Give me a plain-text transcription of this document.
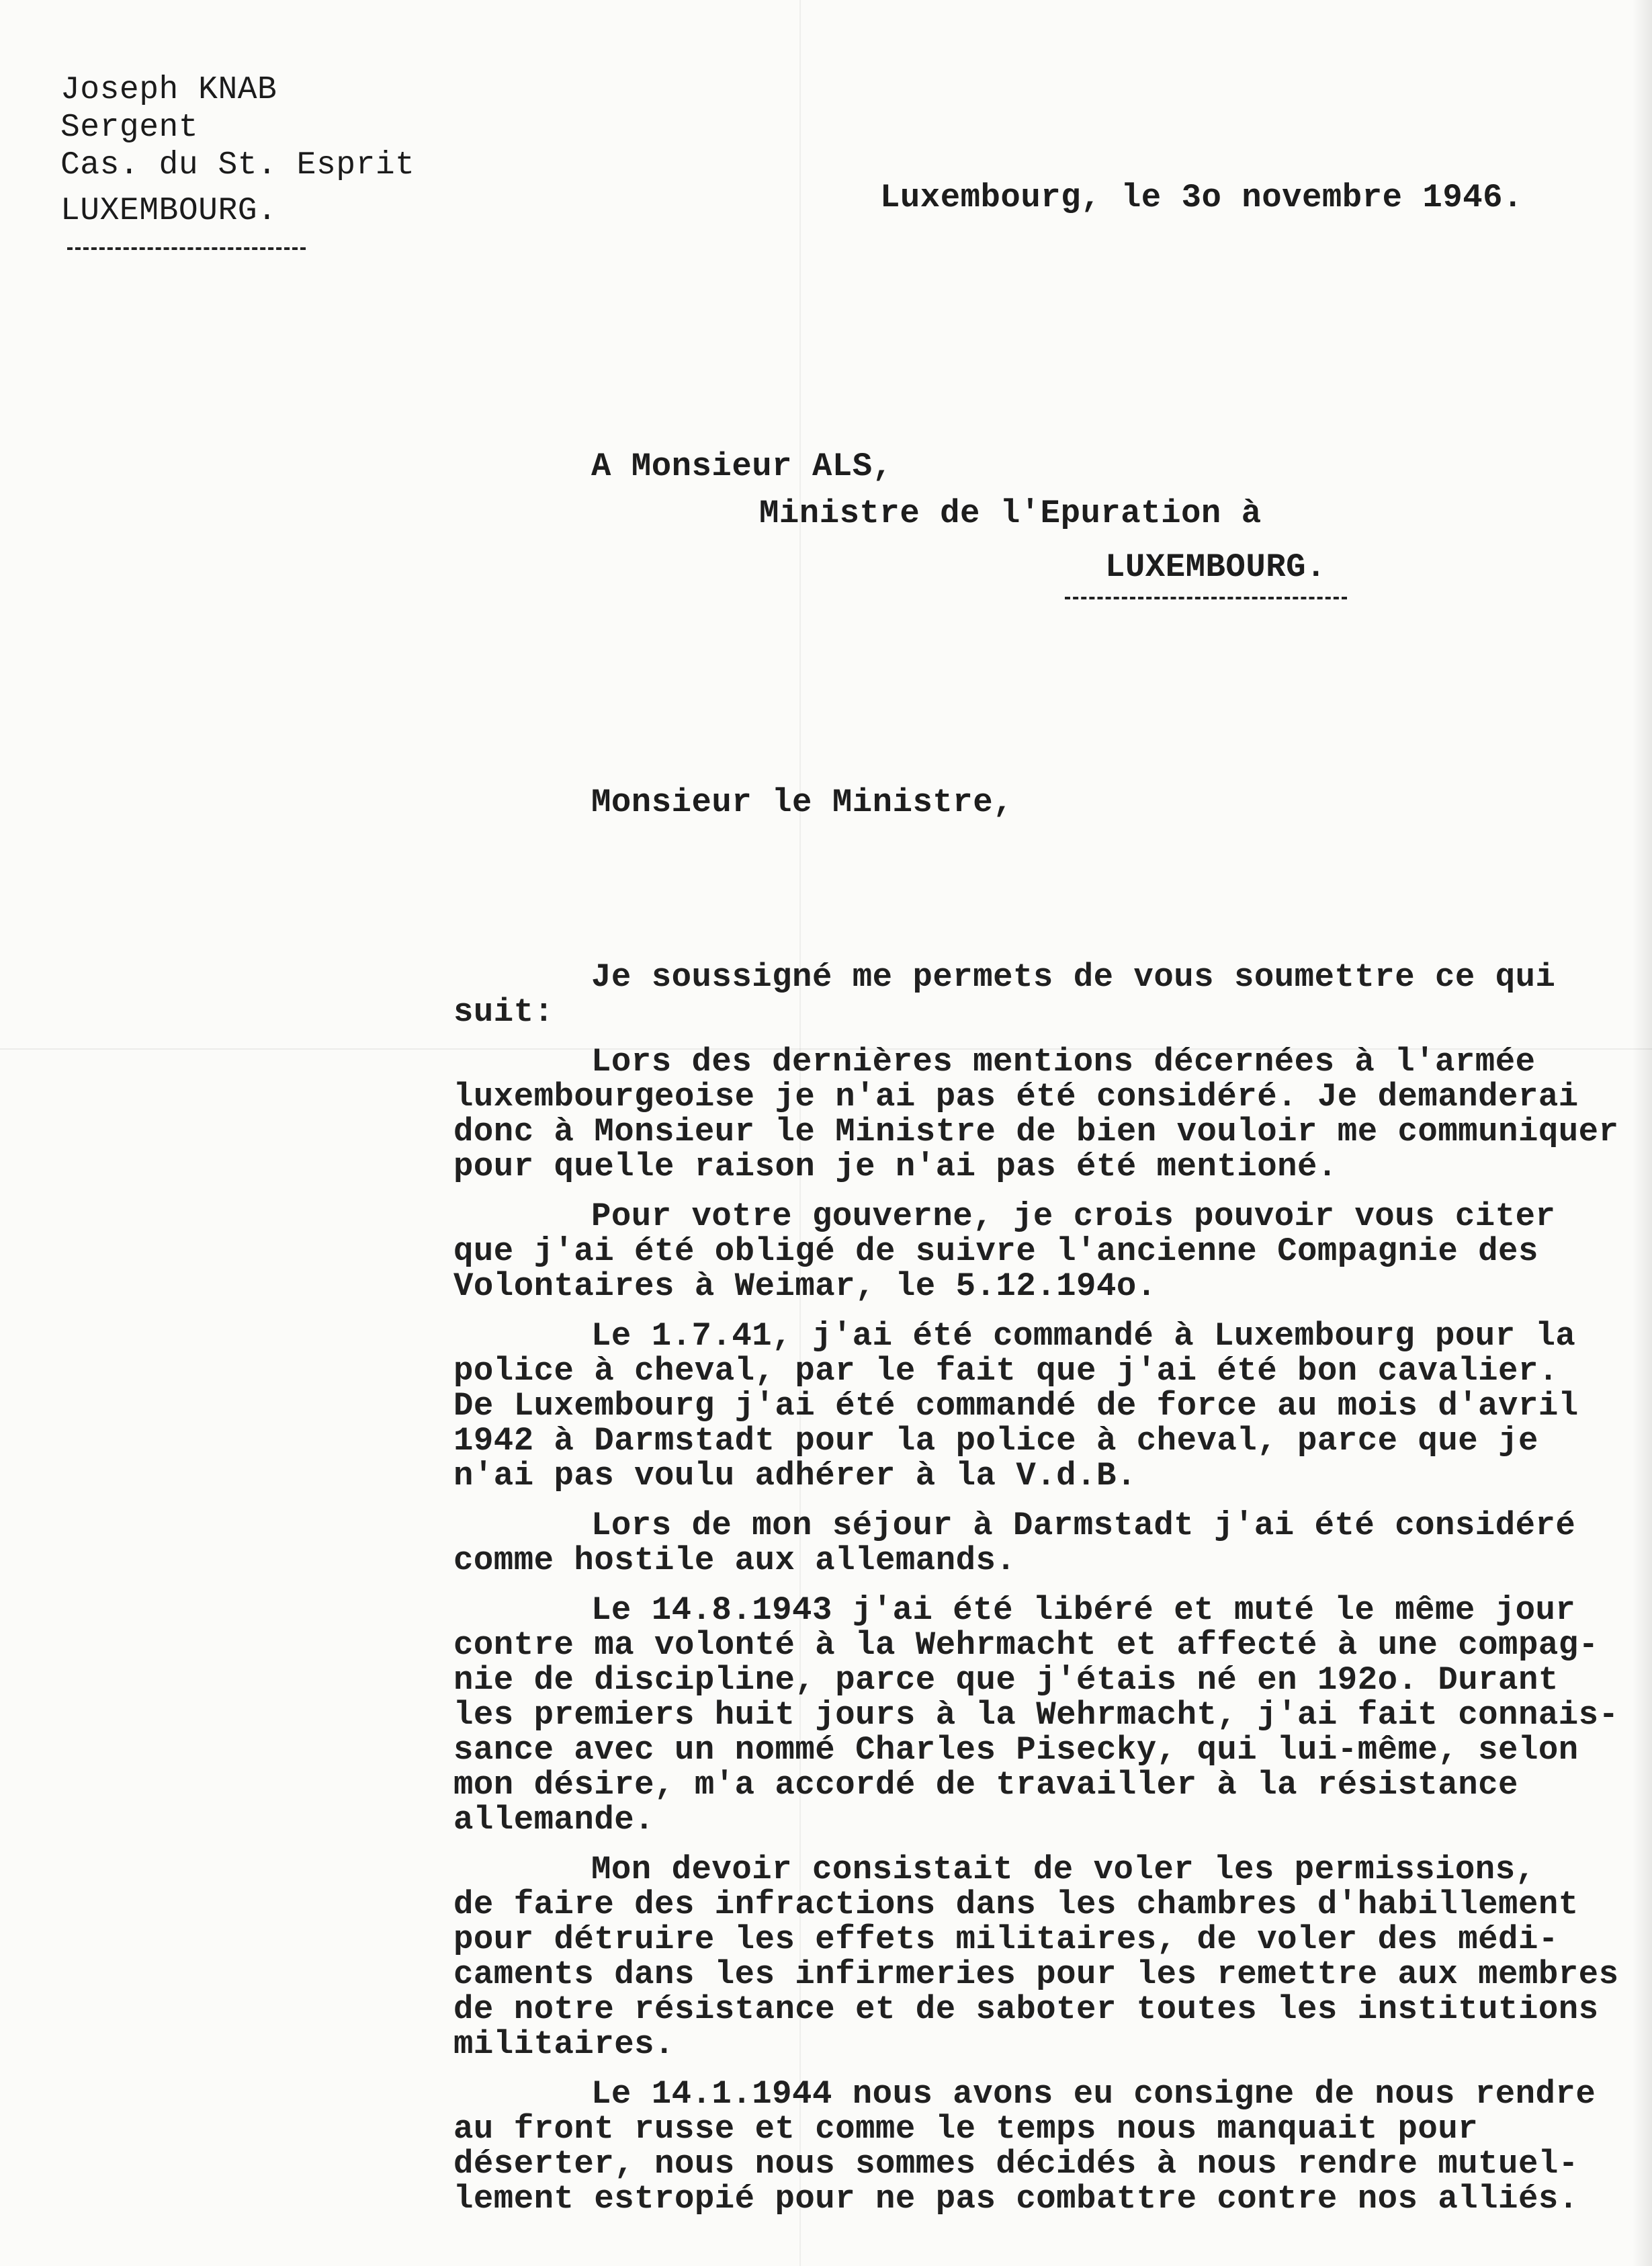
Joseph KNAB
Sergent
Cas. du St. Esprit
LUXEMBOURG.	Luxembourg, le 3o novembre 1946.
A Monsieur ALS,
Ministre de l'Epuration à
LUXEMBOURG.
Monsieur le Ministre,
Je soussigné me permets de vous soumettre ce qui
suit:
Lors des dernières mentions décernées à l'armée
luxembourgeoise je n'ai pas été considéré. Je demanderai
donc à Monsieur le Ministre de bien vouloir me communiquer
pour quelle raison je n'ai pas été mentioné.
Pour votre gouverne, je crois pouvoir vous citer
que j'ai été obligé de suivre l'ancienne Compagnie des
Volontaires à Weimar, le 5.12.194o.
Le 1.7.41, j'ai été commandé à Luxembourg pour la
police à cheval, par le fait que j'ai été bon cavalier.
De Luxembourg j'ai été commandé de force au mois d'avril
1942 à Darmstadt pour la police à cheval, parce que je
n'ai pas voulu adhérer à la V.d.B.
Lors de mon séjour à Darmstadt j'ai été considéré
comme hostile aux allemands.
Le 14.8.1943 j'ai été libéré et muté le même jour
contre ma volonté à la Wehrmacht et affecté à une compag-
nie de discipline, parce que j'étais né en 192o. Durant
les premiers huit jours à la Wehrmacht, j'ai fait connais-
sance avec un nommé Charles Pisecky, qui lui-même, selon
mon désire, m'a accordé de travailler à la résistance
allemande.
Mon devoir consistait de voler les permissions,
de faire des infractions dans les chambres d'habillement
pour détruire les effets militaires, de voler des médi-
caments dans les infirmeries pour les remettre aux membres
de notre résistance et de saboter toutes les institutions
militaires.
Le 14.1.1944 nous avons eu consigne de nous rendre
au front russe et comme le temps nous manquait pour
déserter, nous nous sommes décidés à nous rendre mutuel-
lement estropié pour ne pas combattre contre nos alliés.
